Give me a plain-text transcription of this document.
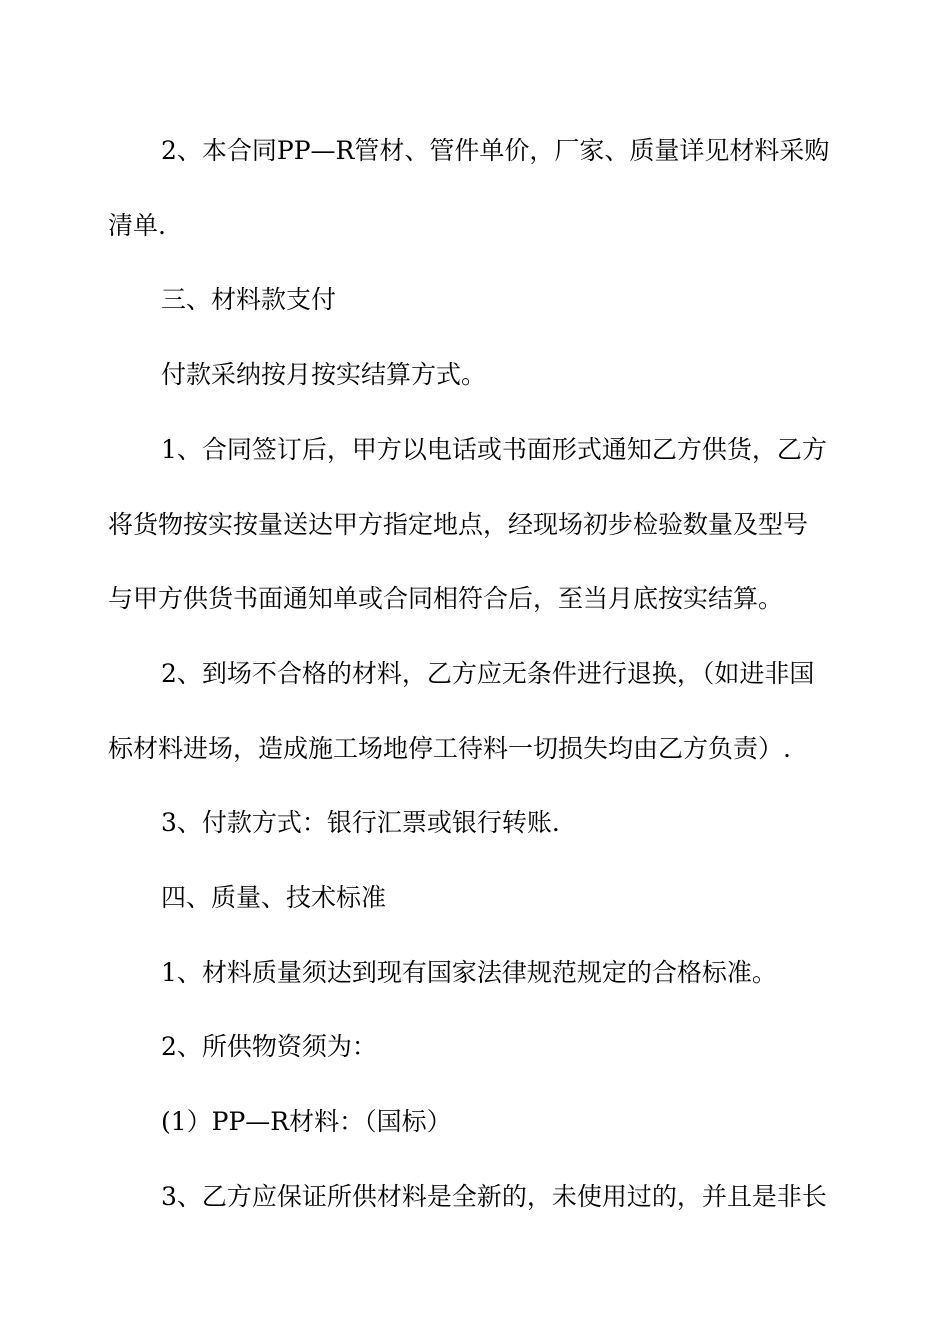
2、本合同PP—R管材、管件单价，厂家、质量详见材料采购
清单.
三、材料款支付
付款采纳按月按实结算方式。
1、合同签订后，甲方以电话或书面形式通知乙方供货，乙方
将货物按实按量送达甲方指定地点，经现场初步检验数量及型号
与甲方供货书面通知单或合同相符合后，至当月底按实结算。
2、到场不合格的材料，乙方应无条件进行退换，（如进非国
标材料进场，造成施工场地停工待料一切损失均由乙方负责）.
3、付款方式：银行汇票或银行转账.
四、质量、技术标准
1、材料质量须达到现有国家法律规范规定的合格标准。
2、所供物资须为：
(1）PP—R材料：（国标）
3、乙方应保证所供材料是全新的，未使用过的，并且是非长
